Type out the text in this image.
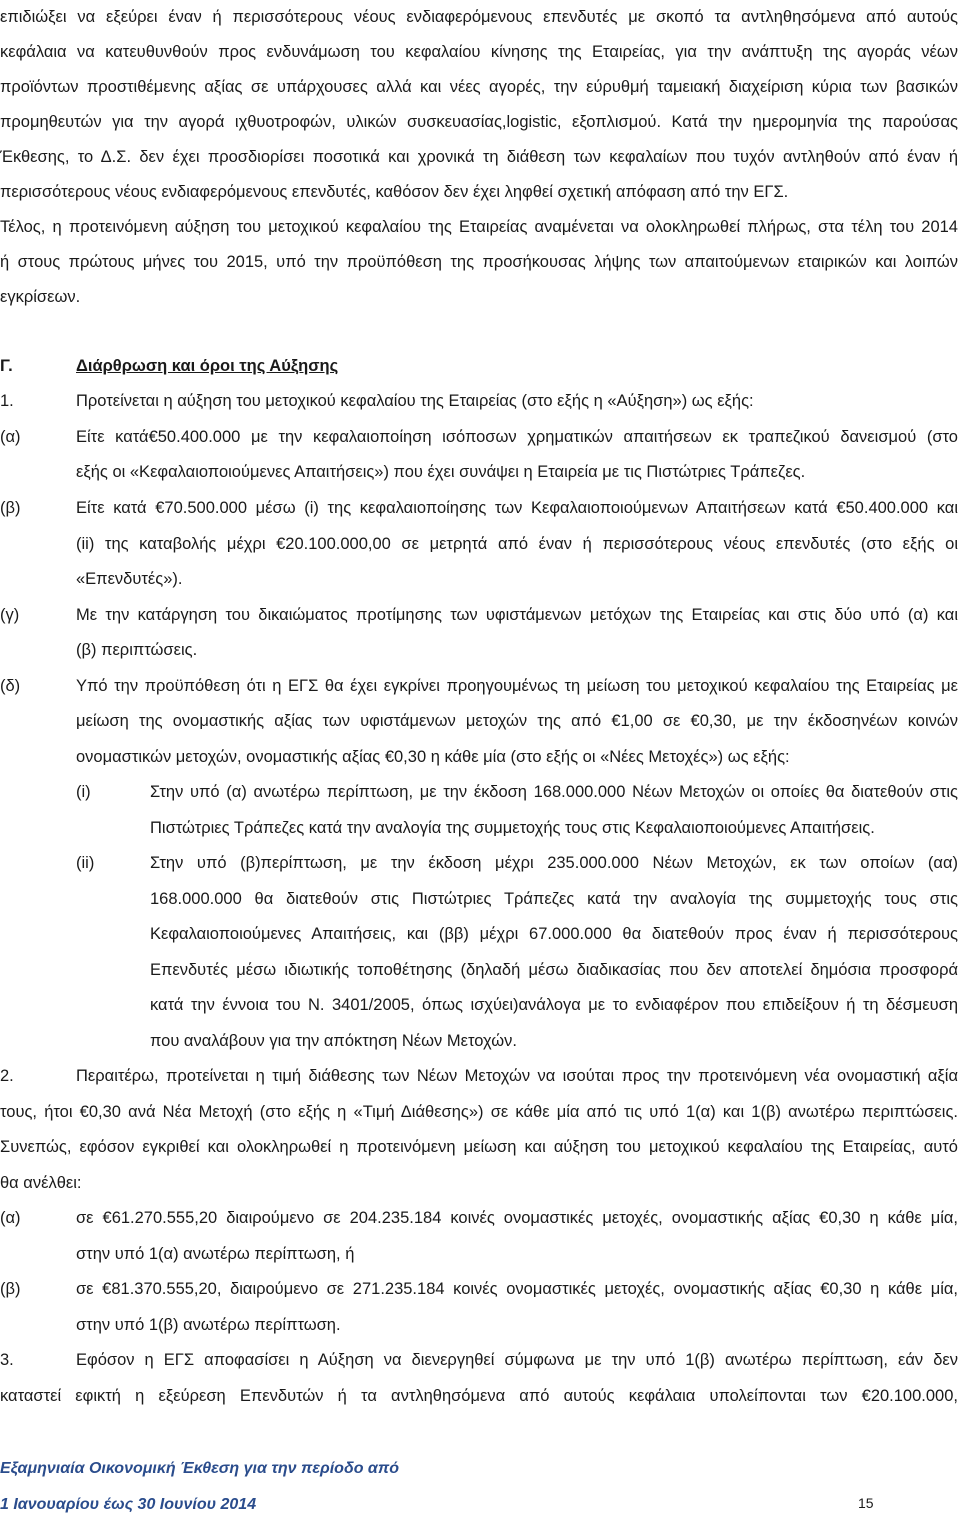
επιδιώξει να εξεύρει έναν ή περισσότερους νέους ενδιαφερόμενους επενδυτές με σκοπό τα αντληθησόμενα από αυτούς
κεφάλαια να κατευθυνθούν προς ενδυνάμωση του κεφαλαίου κίνησης της Εταιρείας, για την ανάπτυξη της αγοράς νέων
προϊόντων προστιθέμενης αξίας σε υπάρχουσες αλλά και νέες αγορές, την εύρυθμή ταμειακή διαχείριση κύρια των βασικών
προμηθευτών για την αγορά ιχθυοτροφών, υλικών συσκευασίας,logistic, εξοπλισμού. Κατά την ημερομηνία της παρούσας
Έκθεσης, το Δ.Σ. δεν έχει προσδιορίσει ποσοτικά και χρονικά τη διάθεση των κεφαλαίων που τυχόν αντληθούν από έναν ή
περισσότερους νέους ενδιαφερόμενους επενδυτές, καθόσον δεν έχει ληφθεί σχετική απόφαση από την ΕΓΣ.
Τέλος, η προτεινόμενη αύξηση του μετοχικού κεφαλαίου της Εταιρείας αναμένεται να ολοκληρωθεί πλήρως, στα τέλη του 2014
ή στους πρώτους μήνες του 2015, υπό την προϋπόθεση της προσήκουσας λήψης των απαιτούμενων εταιρικών και λοιπών
εγκρίσεων.
Γ.	Διάρθρωση και όροι της Αύξησης
1.	Προτείνεται η αύξηση του μετοχικού κεφαλαίου της Εταιρείας (στο εξής η «Αύξηση») ως εξής:
(α)	Είτε κατά€50.400.000 με την κεφαλαιοποίηση ισόποσων χρηματικών απαιτήσεων εκ τραπεζικού δανεισμού (στο
εξής οι «Κεφαλαιοποιούμενες Απαιτήσεις») που έχει συνάψει η Εταιρεία με τις Πιστώτριες Τράπεζες.
(β)	Είτε κατά €70.500.000 μέσω (i) της κεφαλαιοποίησης των Κεφαλαιοποιούμενων Απαιτήσεων κατά €50.400.000 και
(ii) της καταβολής μέχρι €20.100.000,00 σε μετρητά από έναν ή περισσότερους νέους επενδυτές (στο εξής οι
«Επενδυτές»).
(γ)	Με την κατάργηση του δικαιώματος προτίμησης των υφιστάμενων μετόχων της Εταιρείας και στις δύο υπό (α) και
(β) περιπτώσεις.
(δ)	Υπό την προϋπόθεση ότι η ΕΓΣ θα έχει εγκρίνει προηγουμένως τη μείωση του μετοχικού κεφαλαίου της Εταιρείας με
μείωση της ονομαστικής αξίας των υφιστάμενων μετοχών της από €1,00 σε €0,30, με την έκδοσηνέων κοινών
ονομαστικών μετοχών, ονομαστικής αξίας €0,30 η κάθε μία (στο εξής οι «Νέες Μετοχές») ως εξής:
(i)	Στην υπό (α) ανωτέρω περίπτωση, με την έκδοση 168.000.000 Νέων Μετοχών οι οποίες θα διατεθούν στις
Πιστώτριες Τράπεζες κατά την αναλογία της συμμετοχής τους στις Κεφαλαιοποιούμενες Απαιτήσεις.
(ii)	Στην υπό (β)περίπτωση, με την έκδοση μέχρι 235.000.000 Νέων Μετοχών, εκ των οποίων (αα)
168.000.000 θα διατεθούν στις Πιστώτριες Τράπεζες κατά την αναλογία της συμμετοχής τους στις
Κεφαλαιοποιούμενες Απαιτήσεις, και (ββ) μέχρι 67.000.000 θα διατεθούν προς έναν ή περισσότερους
Επενδυτές μέσω ιδιωτικής τοποθέτησης (δηλαδή μέσω διαδικασίας που δεν αποτελεί δημόσια προσφορά
κατά την έννοια του Ν. 3401/2005, όπως ισχύει)ανάλογα με το ενδιαφέρον που επιδείξουν ή τη δέσμευση
που αναλάβουν για την απόκτηση Νέων Μετοχών.
2.	Περαιτέρω, προτείνεται η τιμή διάθεσης των Νέων Μετοχών να ισούται προς την προτεινόμενη νέα ονομαστική αξία
τους, ήτοι €0,30 ανά Νέα Μετοχή (στο εξής η «Τιμή Διάθεσης») σε κάθε μία από τις υπό 1(α) και 1(β) ανωτέρω περιπτώσεις.
Συνεπώς, εφόσον εγκριθεί και ολοκληρωθεί η προτεινόμενη μείωση και αύξηση του μετοχικού κεφαλαίου της Εταιρείας, αυτό
θα ανέλθει:
(α)	σε €61.270.555,20 διαιρούμενο σε 204.235.184 κοινές ονομαστικές μετοχές, ονομαστικής αξίας €0,30 η κάθε μία,
στην υπό 1(α) ανωτέρω περίπτωση, ή
(β)	σε €81.370.555,20, διαιρούμενο σε 271.235.184 κοινές ονομαστικές μετοχές, ονομαστικής αξίας €0,30 η κάθε μία,
στην υπό 1(β) ανωτέρω περίπτωση.
3.	Εφόσον η ΕΓΣ αποφασίσει η Αύξηση να διενεργηθεί σύμφωνα με την υπό 1(β) ανωτέρω περίπτωση, εάν δεν
καταστεί εφικτή η εξεύρεση Επενδυτών ή τα αντληθησόμενα από αυτούς κεφάλαια υπολείπονται των €20.100.000,
Εξαμηνιαία Οικονομική Έκθεση για την περίοδο από
1 Ιανουαρίου έως 30 Ιουνίου 2014	15
